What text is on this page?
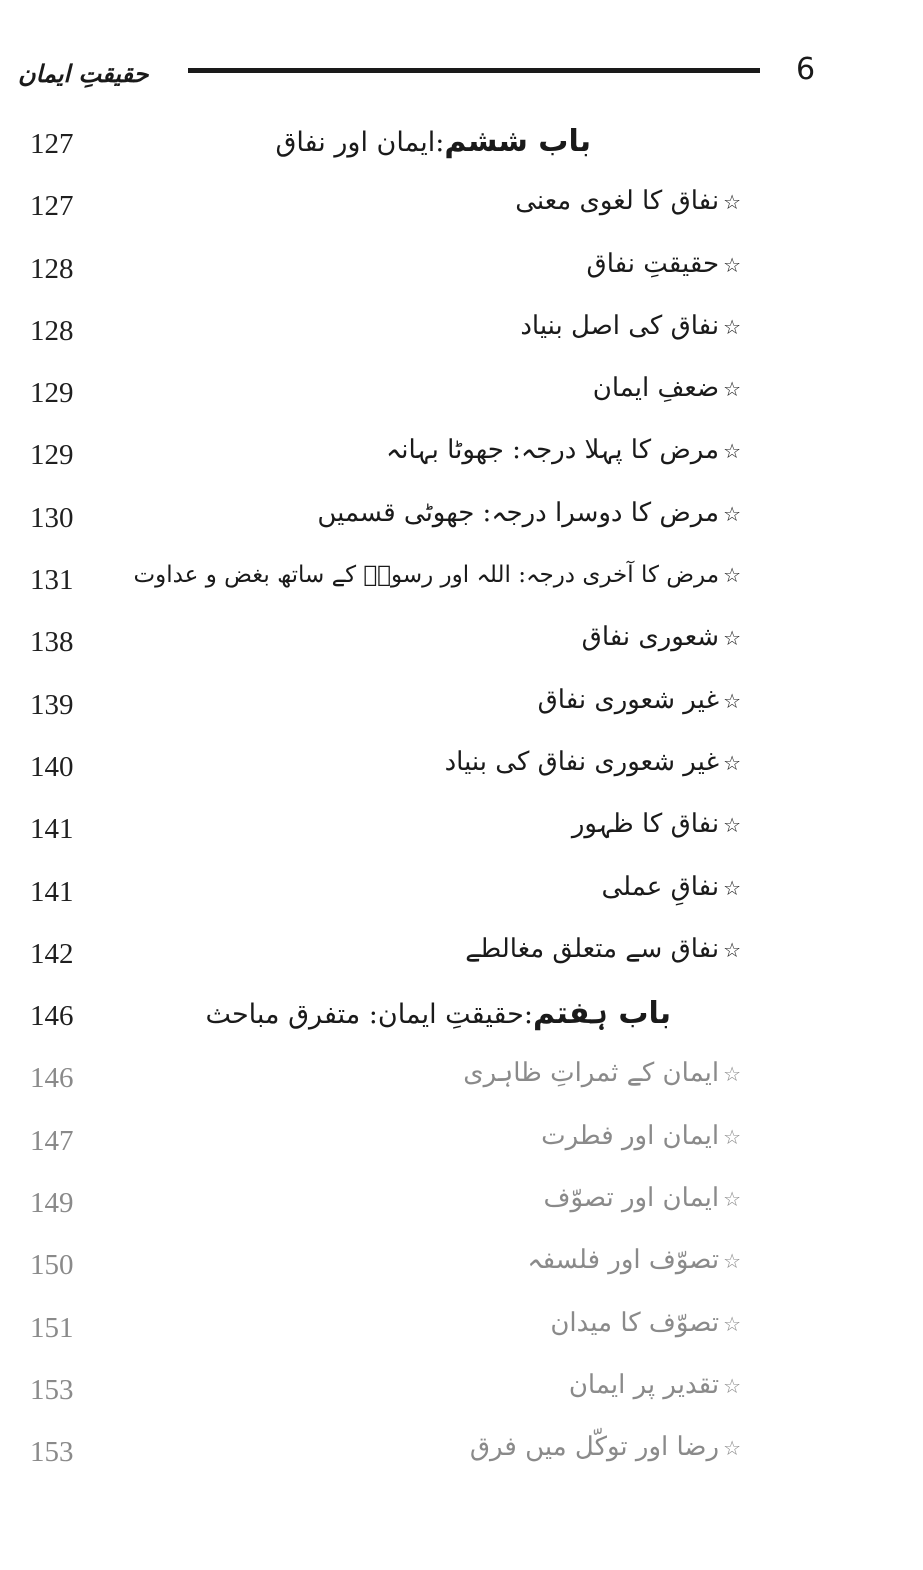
حقیقتِ ایمان	6
127	باب ششم:ایمان اور نفاق
127	☆نفاق کا لغوی معنی
128	☆حقیقتِ نفاق
128	☆نفاق کی اصل بنیاد
129	☆ضعفِ ایمان
129	☆مرض کا پہلا درجہ: جھوٹا بہانہ
130	☆مرض کا دوسرا درجہ: جھوٹی قسمیں
131	☆مرض کا آخری درجہ: اللہ اور رسولؐ کے ساتھ بغض و عداوت
138	☆شعوری نفاق
139	☆غیر شعوری نفاق
140	☆غیر شعوری نفاق کی بنیاد
141	☆نفاق کا ظہور
141	☆نفاقِ عملی
142	☆نفاق سے متعلق مغالطے
146	باب ہفتم:حقیقتِ ایمان: متفرق مباحث
146	☆ایمان کے ثمراتِ ظاہری
147	☆ایمان اور فطرت
149	☆ایمان اور تصوّف
150	☆تصوّف اور فلسفہ
151	☆تصوّف کا میدان
153	☆تقدیر پر ایمان
153	☆رضا اور توکّل میں فرق
